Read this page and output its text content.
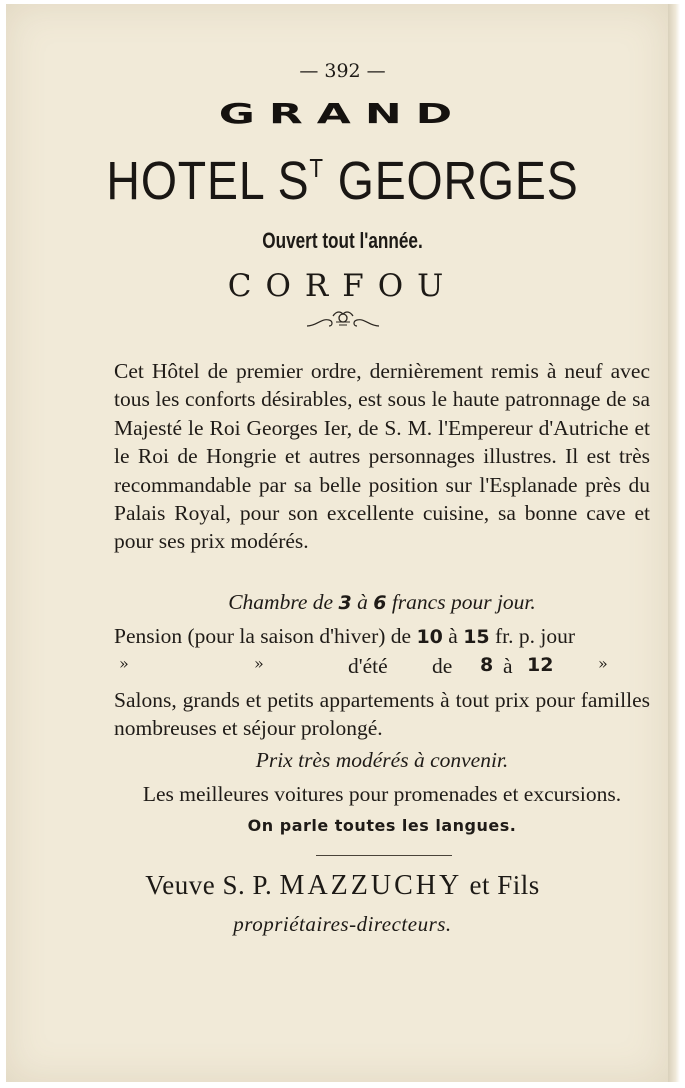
— 392 —
GRAND
HOTEL $S^T$ GEORGES
Ouvert tout l'année.
CORFOU

Cet Hôtel de premier ordre, dernièrement remis à neuf avec tous les conforts désirables, est sous le haute patronnage de sa Majesté le Roi Georges Ier, de S. M. l'Empereur d'Autriche et le Roi de Hongrie et autres personnages illustres. Il est très recommandable par sa belle position sur l'Esplanade près du Palais Royal, pour son excellente cuisine, sa bonne cave et pour ses prix modérés.

Chambre de 3 à 6 francs pour jour.
Pension (pour la saison d'hiver) de 10 à 15 fr. p. jour
»	»	d'été de 8 à 12	»

Salons, grands et petits appartements à tout prix pour familles nombreuses et séjour prolongé.

Prix très modérés à convenir.
Les meilleures voitures pour promenades et excursions.
On parle toutes les langues.
Veuve S. P. MAZZUCHY et Fils
propriétaires-directeurs.
